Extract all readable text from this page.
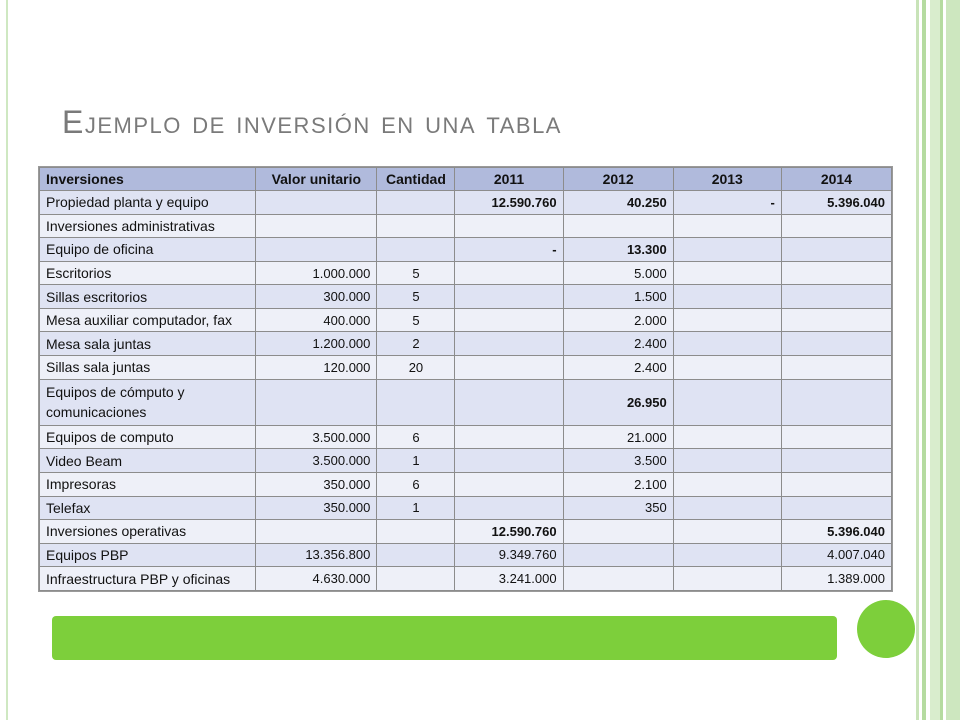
Ejemplo de inversión en una tabla
Inversiones	Valor unitario	Cantidad	2011	2012	2013	2014
Propiedad planta y equipo			12.590.760	40.250	-	5.396.040
Inversiones administrativas						
Equipo de oficina			-	13.300		
Escritorios	1.000.000	5		5.000		
Sillas escritorios	300.000	5		1.500		
Mesa auxiliar computador, fax	400.000	5		2.000		
Mesa sala juntas	1.200.000	2		2.400		
Sillas sala juntas	120.000	20		2.400		
Equipos de cómputo y comunicaciones				26.950		
Equipos de computo	3.500.000	6		21.000		
Video Beam	3.500.000	1		3.500		
Impresoras	350.000	6		2.100		
Telefax	350.000	1		350		
Inversiones operativas			12.590.760			5.396.040
Equipos PBP	13.356.800		9.349.760			4.007.040
Infraestructura PBP y oficinas	4.630.000		3.241.000			1.389.000
